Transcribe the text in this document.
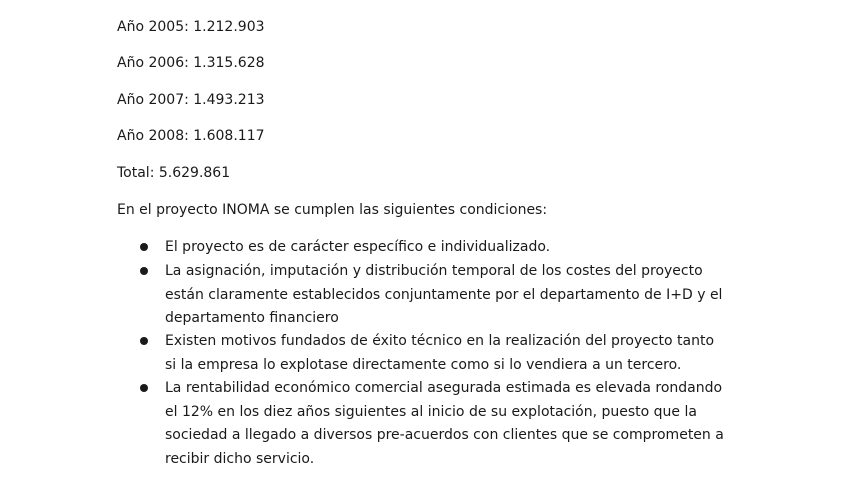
Año 2005: 1.212.903

Año 2006: 1.315.628

Año 2007: 1.493.213

Año 2008: 1.608.117

Total: 5.629.861

En el proyecto INOMA se cumplen las siguientes condiciones:

El proyecto es de carácter específico e individualizado.
La asignación, imputación y distribución temporal de los costes del proyecto están claramente establecidos conjuntamente por el departamento de I+D y el departamento financiero
Existen motivos fundados de éxito técnico en la realización del proyecto tanto si la empresa lo explotase directamente como si lo vendiera a un tercero.
La rentabilidad económico comercial asegurada estimada es elevada rondando el 12% en los diez años siguientes al inicio de su explotación, puesto que la sociedad a llegado a diversos pre-acuerdos con clientes que se comprometen a recibir dicho servicio.
